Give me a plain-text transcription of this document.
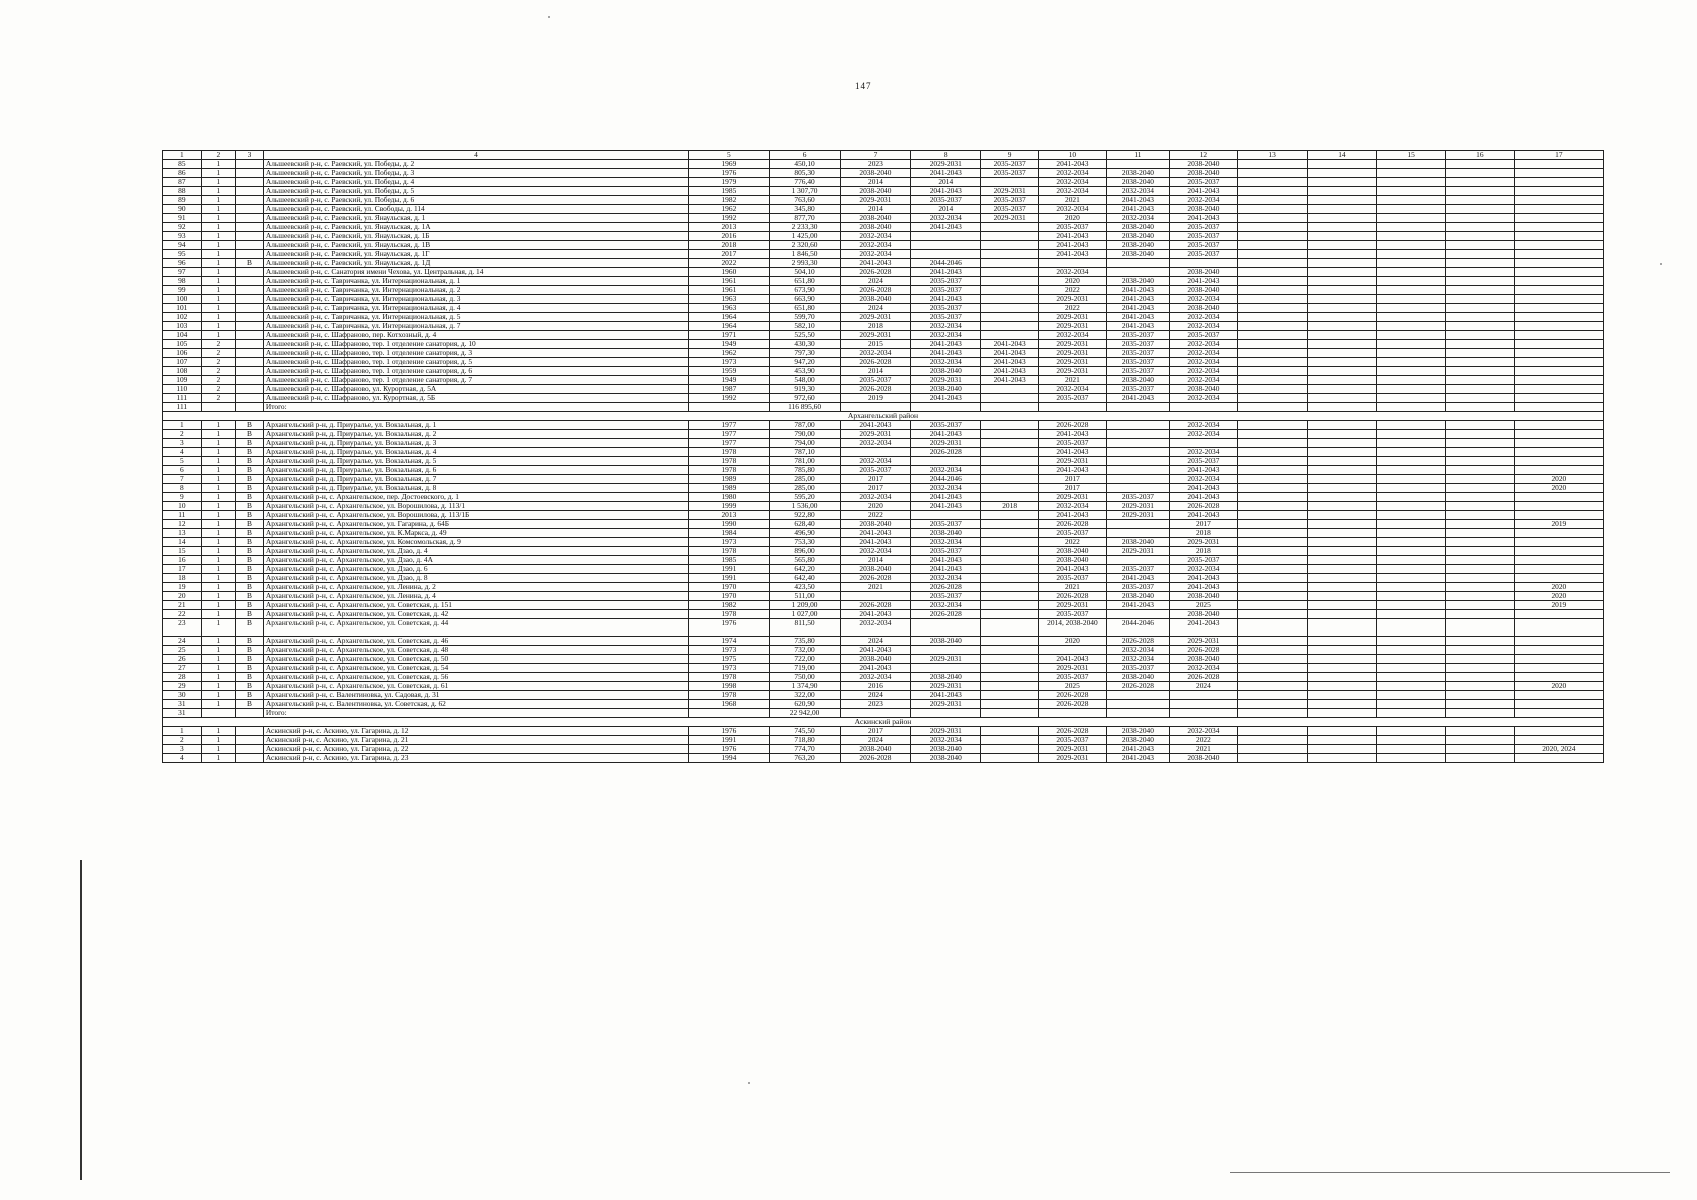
147
1	2	3	4	5	6	7	8	9	10	11	12	13	14	15	16	17
85	1		Альшеевский р-н, с. Раевский, ул. Победы, д. 2	1969	450,10	2023	2029-2031	2035-2037	2041-2043		2038-2040					
86	1		Альшеевский р-н, с. Раевский, ул. Победы, д. 3	1976	805,30	2038-2040	2041-2043	2035-2037	2032-2034	2038-2040	2038-2040					
87	1		Альшеевский р-н, с. Раевский, ул. Победы, д. 4	1979	776,40	2014	2014		2032-2034	2038-2040	2035-2037					
88	1		Альшеевский р-н, с. Раевский, ул. Победы, д. 5	1985	1 307,70	2038-2040	2041-2043	2029-2031	2032-2034	2032-2034	2041-2043					
89	1		Альшеевский р-н, с. Раевский, ул. Победы, д. 6	1982	763,60	2029-2031	2035-2037	2035-2037	2021	2041-2043	2032-2034					
90	1		Альшеевский р-н, с. Раевский, ул. Свободы, д. 114	1962	345,80	2014	2014	2035-2037	2032-2034	2041-2043	2038-2040					
91	1		Альшеевский р-н, с. Раевский, ул. Янаульская, д. 1	1992	877,70	2038-2040	2032-2034	2029-2031	2020	2032-2034	2041-2043					
92	1		Альшеевский р-н, с. Раевский, ул. Янаульская, д. 1А	2013	2 233,30	2038-2040	2041-2043		2035-2037	2038-2040	2035-2037					
93	1		Альшеевский р-н, с. Раевский, ул. Янаульская, д. 1Б	2016	1 425,00	2032-2034			2041-2043	2038-2040	2035-2037					
94	1		Альшеевский р-н, с. Раевский, ул. Янаульская, д. 1В	2018	2 320,60	2032-2034			2041-2043	2038-2040	2035-2037					
95	1		Альшеевский р-н, с. Раевский, ул. Янаульская, д. 1Г	2017	1 846,50	2032-2034			2041-2043	2038-2040	2035-2037					
96	1	В	Альшеевский р-н, с. Раевский, ул. Янаульская, д. 1Д	2022	2 993,30	2041-2043	2044-2046									
97	1		Альшеевский р-н, с. Санатория имени Чехова, ул. Центральная, д. 14	1960	504,10	2026-2028	2041-2043		2032-2034		2038-2040					
98	1		Альшеевский р-н, с. Тавричанка, ул. Интернациональная, д. 1	1961	651,80	2024	2035-2037		2020	2038-2040	2041-2043					
99	1		Альшеевский р-н, с. Тавричанка, ул. Интернациональная, д. 2	1961	673,90	2026-2028	2035-2037		2022	2041-2043	2038-2040					
100	1		Альшеевский р-н, с. Тавричанка, ул. Интернациональная, д. 3	1963	663,90	2038-2040	2041-2043		2029-2031	2041-2043	2032-2034					
101	1		Альшеевский р-н, с. Тавричанка, ул. Интернациональная, д. 4	1963	651,80	2024	2035-2037		2022	2041-2043	2038-2040					
102	1		Альшеевский р-н, с. Тавричанка, ул. Интернациональная, д. 5	1964	599,70	2029-2031	2035-2037		2029-2031	2041-2043	2032-2034					
103	1		Альшеевский р-н, с. Тавричанка, ул. Интернациональная, д. 7	1964	582,10	2018	2032-2034		2029-2031	2041-2043	2032-2034					
104	1		Альшеевский р-н, с. Шафраново, пер. Котхозный, д. 4	1971	525,50	2029-2031	2032-2034		2032-2034	2035-2037	2035-2037					
105	2		Альшеевский р-н, с. Шафраново, тер. 1 отделение санатория, д. 10	1949	430,30	2015	2041-2043	2041-2043	2029-2031	2035-2037	2032-2034					
106	2		Альшеевский р-н, с. Шафраново, тер. 1 отделение санатория, д. 3	1962	797,30	2032-2034	2041-2043	2041-2043	2029-2031	2035-2037	2032-2034					
107	2		Альшеевский р-н, с. Шафраново, тер. 1 отделение санатория, д. 5	1973	947,20	2026-2028	2032-2034	2041-2043	2029-2031	2035-2037	2032-2034					
108	2		Альшеевский р-н, с. Шафраново, тер. 1 отделение санатория, д. 6	1959	453,90	2014	2038-2040	2041-2043	2029-2031	2035-2037	2032-2034					
109	2		Альшеевский р-н, с. Шафраново, тер. 1 отделение санатория, д. 7	1949	548,00	2035-2037	2029-2031	2041-2043	2021	2038-2040	2032-2034					
110	2		Альшеевский р-н, с. Шафраново, ул. Курортная, д. 5А	1987	919,30	2026-2028	2038-2040		2032-2034	2035-2037	2038-2040					
111	2		Альшеевский р-н, с. Шафраново, ул. Курортная, д. 5Б	1992	972,60	2019	2041-2043		2035-2037	2041-2043	2032-2034					
111			Итого:		116 895,60											
Архангельский район																
1	1	В	Архангельский р-н, д. Приуралье, ул. Вокзальная, д. 1	1977	787,00	2041-2043	2035-2037		2026-2028		2032-2034					
2	1	В	Архангельский р-н, д. Приуралье, ул. Вокзальная, д. 2	1977	790,00	2029-2031	2041-2043		2041-2043		2032-2034					
3	1	В	Архангельский р-н, д. Приуралье, ул. Вокзальная, д. 3	1977	794,00	2032-2034	2029-2031		2035-2037							
4	1	В	Архангельский р-н, д. Приуралье, ул. Вокзальная, д. 4	1978	787,10		2026-2028		2041-2043		2032-2034					
5	1	В	Архангельский р-н, д. Приуралье, ул. Вокзальная, д. 5	1978	781,00	2032-2034			2029-2031		2035-2037					
6	1	В	Архангельский р-н, д. Приуралье, ул. Вокзальная, д. 6	1978	785,80	2035-2037	2032-2034		2041-2043		2041-2043					
7	1	В	Архангельский р-н, д. Приуралье, ул. Вокзальная, д. 7	1989	285,00	2017	2044-2046		2017		2032-2034					2020
8	1	В	Архангельский р-н, д. Приуралье, ул. Вокзальная, д. 8	1989	285,00	2017	2032-2034		2017		2041-2043					2020
9	1	В	Архангельский р-н, с. Архангельское, пер. Достоевского, д. 1	1980	595,20	2032-2034	2041-2043		2029-2031	2035-2037	2041-2043					
10	1	В	Архангельский р-н, с. Архангельское, ул. Ворошилова, д. 113/1	1999	1 536,00	2020	2041-2043	2018	2032-2034	2029-2031	2026-2028					
11	1	В	Архангельский р-н, с. Архангельское, ул. Ворошилова, д. 113/1Б	2013	922,80	2022			2041-2043	2029-2031	2041-2043					
12	1	В	Архангельский р-н, с. Архангельское, ул. Гагарина, д. 64Б	1990	628,40	2038-2040	2035-2037		2026-2028		2017					2019
13	1	В	Архангельский р-н, с. Архангельское, ул. К.Маркса, д. 49	1984	496,90	2041-2043	2038-2040		2035-2037		2018					
14	1	В	Архангельский р-н, с. Архангельское, ул. Комсомольская, д. 9	1973	753,30	2041-2043	2032-2034		2022	2038-2040	2029-2031					
15	1	В	Архангельский р-н, с. Архангельское, ул. Дзао, д. 4	1978	896,00	2032-2034	2035-2037		2038-2040	2029-2031	2018					
16	1	В	Архангельский р-н, с. Архангельское, ул. Дзао, д. 4А	1985	565,80	2014	2041-2043		2038-2040		2035-2037					
17	1	В	Архангельский р-н, с. Архангельское, ул. Дзао, д. 6	1991	642,20	2038-2040	2041-2043		2041-2043	2035-2037	2032-2034					
18	1	В	Архангельский р-н, с. Архангельское, ул. Дзао, д. 8	1991	642,40	2026-2028	2032-2034		2035-2037	2041-2043	2041-2043					
19	1	В	Архангельский р-н, с. Архангельское, ул. Ленина, д. 2	1970	423,50	2021	2026-2028		2021	2035-2037	2041-2043					2020
20	1	В	Архангельский р-н, с. Архангельское, ул. Ленина, д. 4	1970	511,00		2035-2037		2026-2028	2038-2040	2038-2040					2020
21	1	В	Архангельский р-н, с. Архангельское, ул. Советская, д. 151	1982	1 209,00	2026-2028	2032-2034		2029-2031	2041-2043	2025					2019
22	1	В	Архангельский р-н, с. Архангельское, ул. Советская, д. 42	1978	1 027,00	2041-2043	2026-2028		2035-2037		2038-2040					
23	1	В	Архангельский р-н, с. Архангельское, ул. Советская, д. 44	1976	811,50	2032-2034			2014, 2038-2040	2044-2046	2041-2043					
24	1	В	Архангельский р-н, с. Архангельское, ул. Советская, д. 46	1974	735,80	2024	2038-2040		2020	2026-2028	2029-2031					
25	1	В	Архангельский р-н, с. Архангельское, ул. Советская, д. 48	1973	732,00	2041-2043				2032-2034	2026-2028					
26	1	В	Архангельский р-н, с. Архангельское, ул. Советская, д. 50	1975	722,00	2038-2040	2029-2031		2041-2043	2032-2034	2038-2040					
27	1	В	Архангельский р-н, с. Архангельское, ул. Советская, д. 54	1973	719,00	2041-2043			2029-2031	2035-2037	2032-2034					
28	1	В	Архангельский р-н, с. Архангельское, ул. Советская, д. 56	1978	750,00	2032-2034	2038-2040		2035-2037	2038-2040	2026-2028					
29	1	В	Архангельский р-н, с. Архангельское, ул. Советская, д. 61	1998	1 374,90	2016	2029-2031		2025	2026-2028	2024					2020
30	1	В	Архангельский р-н, с. Валентиновка, ул. Садовая, д. 31	1978	322,00	2024	2041-2043		2026-2028							
31	1	В	Архангельский р-н, с. Валентиновка, ул. Советская, д. 62	1968	620,90	2023	2029-2031		2026-2028							
31			Итого:		22 942,00											
Аскинский район																
1	1		Аскинский р-н, с. Аскино, ул. Гагарина, д. 12	1976	745,50	2017	2029-2031		2026-2028	2038-2040	2032-2034					
2	1		Аскинский р-н, с. Аскино, ул. Гагарина, д. 21	1991	718,80	2024	2032-2034		2035-2037	2038-2040	2022					
3	1		Аскинский р-н, с. Аскино, ул. Гагарина, д. 22	1976	774,70	2038-2040	2038-2040		2029-2031	2041-2043	2021					2020, 2024
4	1		Аскинский р-н, с. Аскино, ул. Гагарина, д. 23	1994	763,20	2026-2028	2038-2040		2029-2031	2041-2043	2038-2040					
